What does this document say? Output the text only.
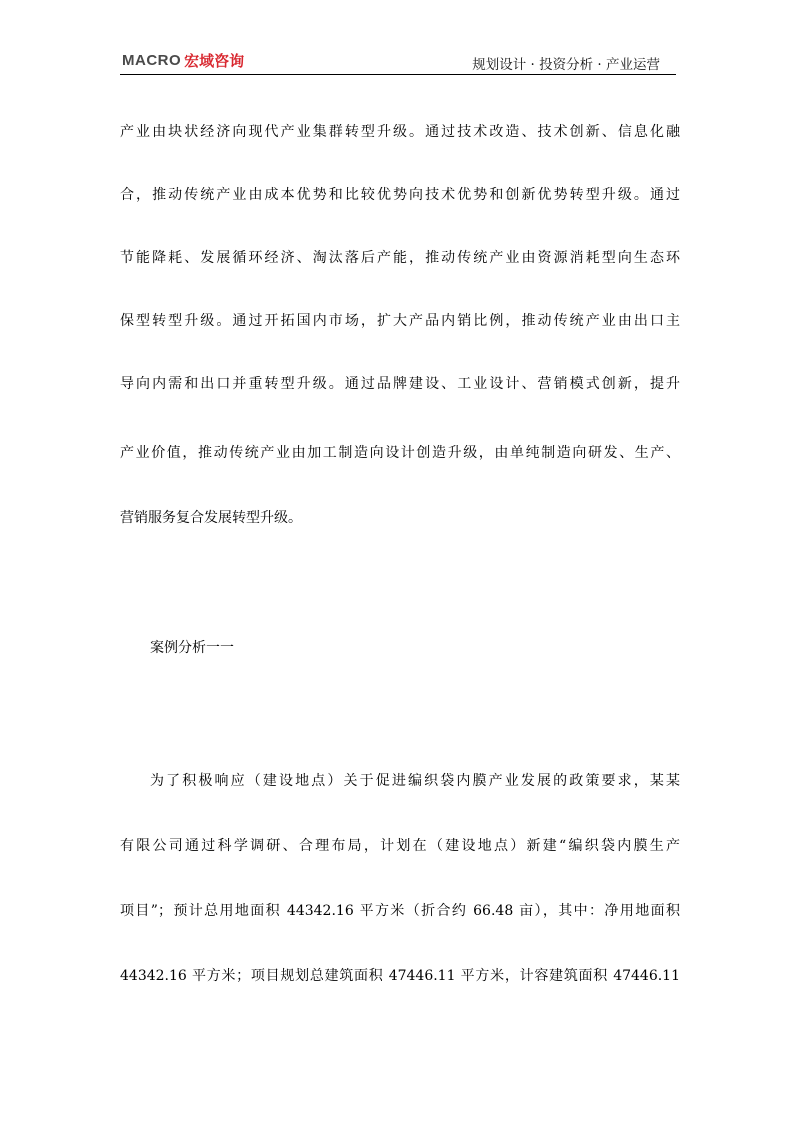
MACRO 宏域咨询	规划设计 · 投资分析 · 产业运营
产业由块状经济向现代产业集群转型升级。通过技术改造、技术创新、信息化融
合，推动传统产业由成本优势和比较优势向技术优势和创新优势转型升级。通过
节能降耗、发展循环经济、淘汰落后产能，推动传统产业由资源消耗型向生态环
保型转型升级。通过开拓国内市场，扩大产品内销比例，推动传统产业由出口主
导向内需和出口并重转型升级。通过品牌建设、工业设计、营销模式创新，提升
产业价值，推动传统产业由加工制造向设计创造升级，由单纯制造向研发、生产、
营销服务复合发展转型升级。
案例分析一一
为了积极响应（建设地点）关于促进编织袋内膜产业发展的政策要求，某某
有限公司通过科学调研、合理布局，计划在（建设地点）新建“编织袋内膜生产
项目”；预计总用地面积 44342.16 平方米（折合约 66.48 亩），其中：净用地面积
44342.16 平方米；项目规划总建筑面积 47446.11 平方米，计容建筑面积 47446.11
